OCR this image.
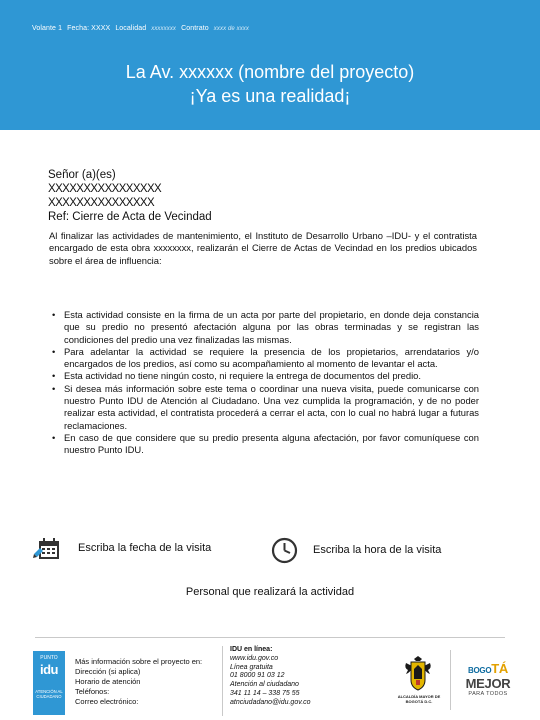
Volante 1 Fecha: XXXX Localidad xxxxxxxx Contrato xxxx de xxxx
La Av. xxxxxx (nombre del proyecto)
¡Ya es una realidad¡
Señor (a)(es)
XXXXXXXXXXXXXXXX
XXXXXXXXXXXXXXX
Ref: Cierre de Acta de Vecindad

Al finalizar las actividades de mantenimiento, el Instituto de Desarrollo Urbano –IDU- y el contratista encargado de esta obra xxxxxxxx, realizarán el Cierre de Actas de Vecindad en los predios ubicados sobre el área de influencia:

• Esta actividad consiste en la firma de un acta por parte del propietario, en donde deja constancia que su predio no presentó afectación alguna por las obras terminadas y se registran las condiciones del predio una vez finalizadas las mismas.
• Para adelantar la actividad se requiere la presencia de los propietarios, arrendatarios y/o encargados de los predios, así como su acompañamiento al momento de levantar el acta.
• Esta actividad no tiene ningún costo, ni requiere la entrega de documentos del predio.
• Si desea más información sobre este tema o coordinar una nueva visita, puede comunicarse con nuestro Punto IDU de Atención al Ciudadano. Una vez cumplida la programación, y de no poder realizar esta actividad, el contratista procederá a cerrar el acta, con lo cual no habrá lugar a futuras reclamaciones.
• En caso de que considere que su predio presenta alguna afectación, por favor comuníquese con nuestro Punto IDU.
Escriba la fecha de la visita	Escriba la hora de la visita
Personal que realizará la actividad
PUNTO
idu
ATENCIÓN AL CIUDADANO
Más información sobre el proyecto en:
Dirección (si aplica)
Horario de atención
Teléfonos:
Correo electrónico:
IDU en línea:
www.idu.gov.co
Línea gratuita
01 8000 91 03 12
Atención al ciudadano
341 11 14 – 338 75 55
atnciudadano@idu.gov.co
ALCALDÍA MAYOR DE BOGOTÁ D.C.
BOGOTÁ
MEJOR
PARA TODOS
